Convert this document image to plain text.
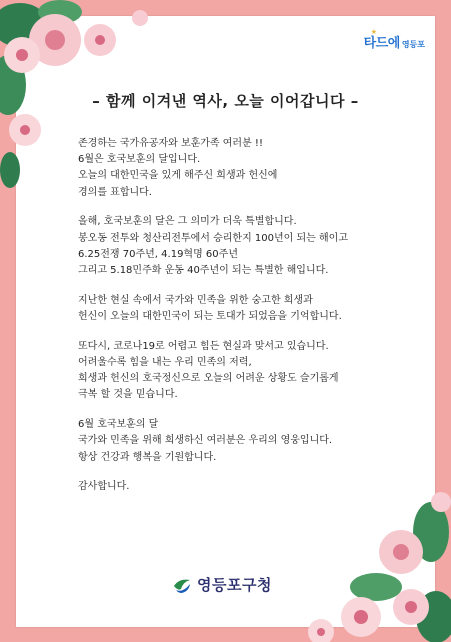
타드에 영등포
★
– 함께 이겨낸 역사, 오늘 이어갑니다 –

존경하는 국가유공자와 보훈가족 여러분 !!
6월은 호국보훈의 달입니다.
오늘의 대한민국을 있게 해주신 희생과 헌신에
경의를 표합니다.

올해, 호국보훈의 달은 그 의미가 더욱 특별합니다.
봉오동 전투와 청산리전투에서 승리한지 100년이 되는 해이고
6.25전쟁 70주년, 4.19혁명 60주년
그리고 5.18민주화 운동 40주년이 되는 특별한 해입니다.

지난한 현실 속에서 국가와 민족을 위한 숭고한 희생과
헌신이 오늘의 대한민국이 되는 토대가 되었음을 기억합니다.

또다시, 코로나19로 어렵고 힘든 현실과 맞서고 있습니다.
어려울수록 힘을 내는 우리 민족의 저력,
희생과 헌신의 호국정신으로 오늘의 어려운 상황도 슬기롭게
극복 할 것을 믿습니다.

6월 호국보훈의 달
국가와 민족을 위해 희생하신 여러분은 우리의 영웅입니다.
항상 건강과 행복을 기원합니다.

감사합니다.

영등포구청
